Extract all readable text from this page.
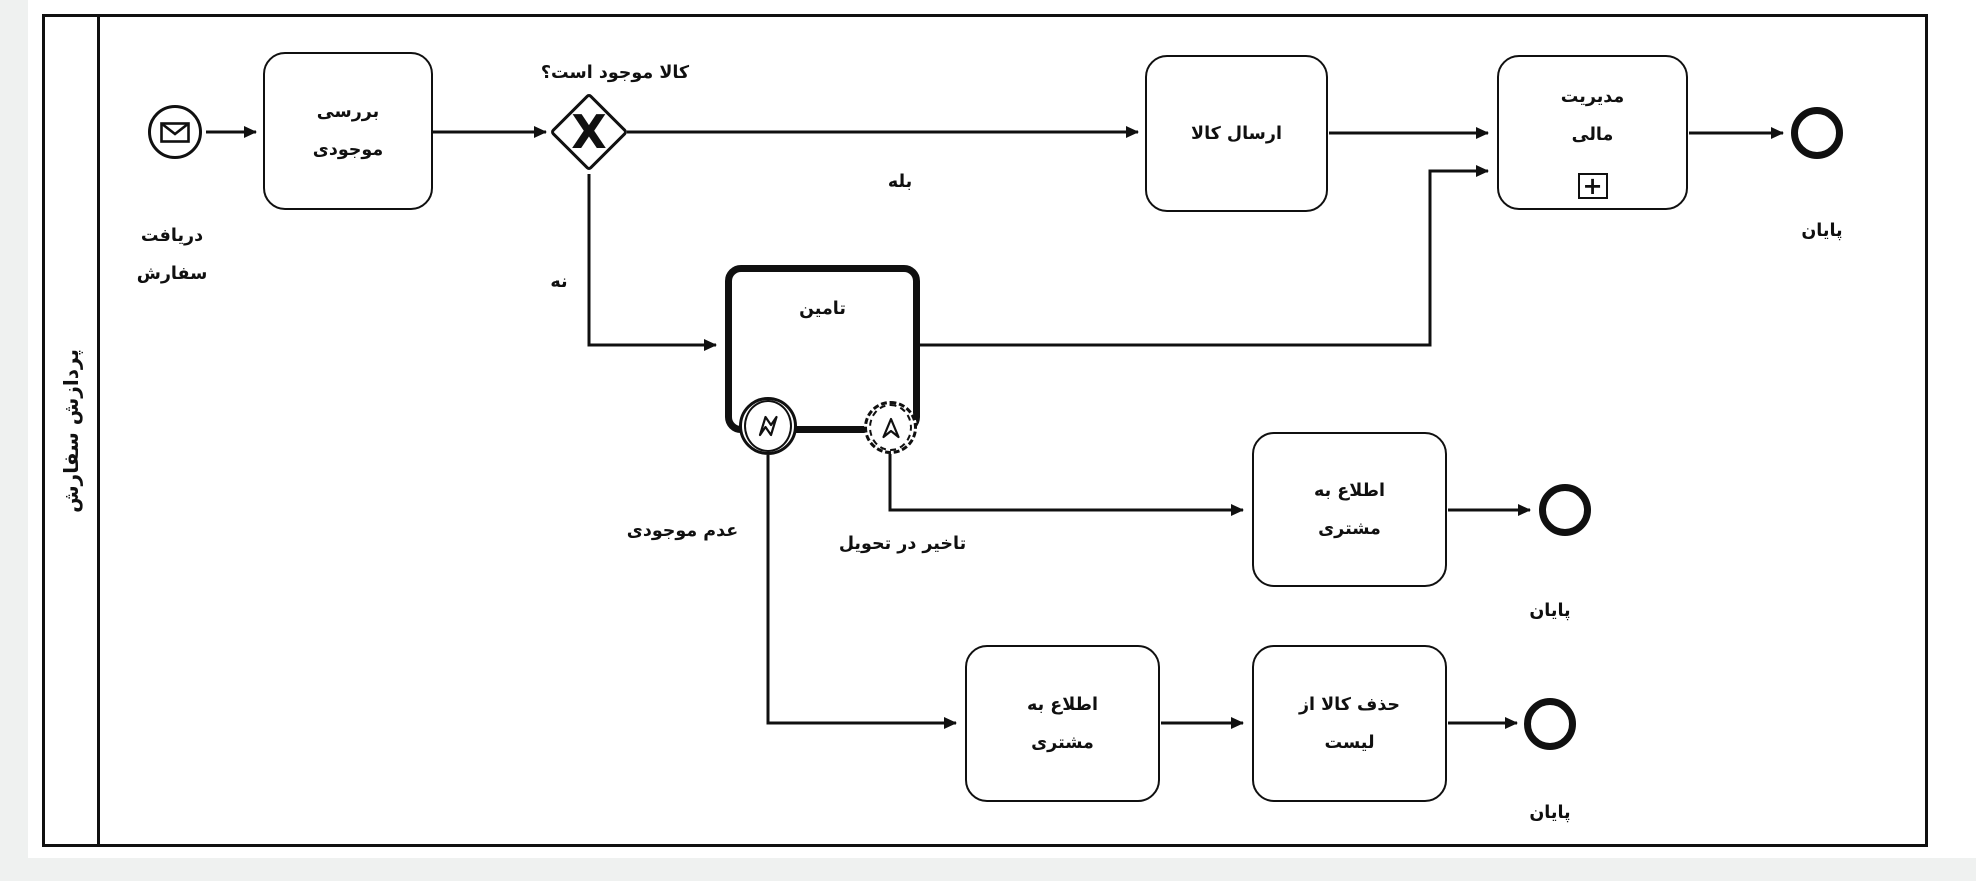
پردازش سفارش
دریافت
سفارش
بررسی
موجودی	X
کالا موجود است؟
بله
نه
ارسال کالا
مدیریت
مالی
+
پایان
تامین
عدم موجودی
تاخیر در تحویل
اطلاع به
مشتری
پایان
اطلاع به
مشتری
حذف کالا از
لیست
پایان
